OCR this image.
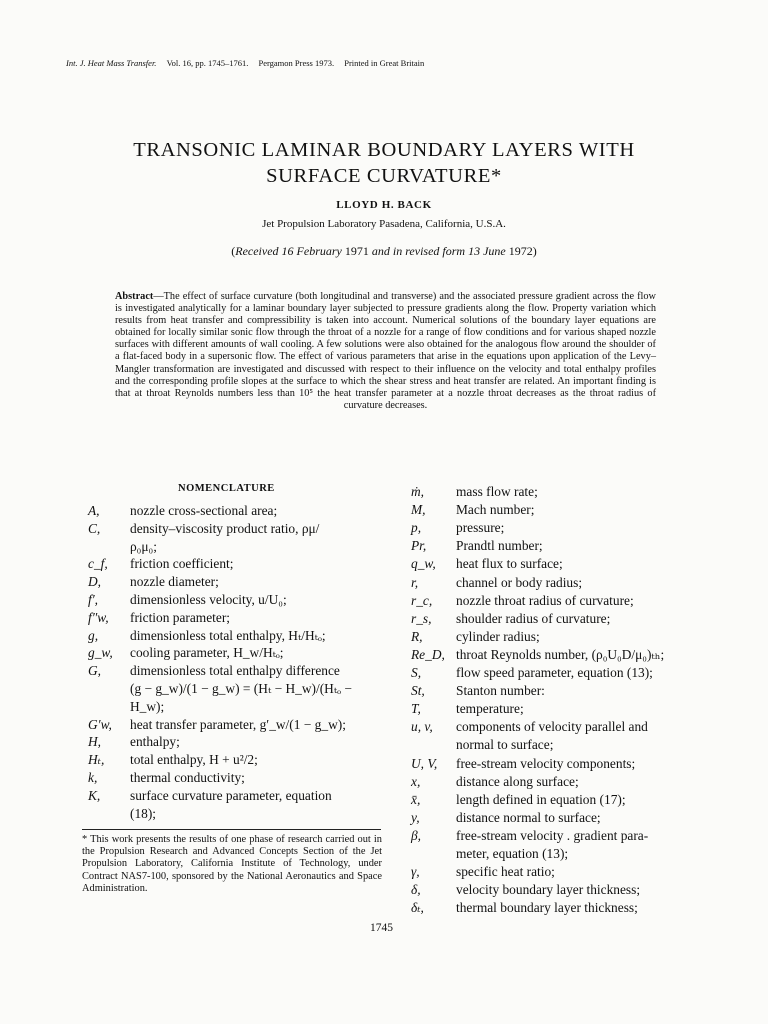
Int. J. Heat Mass Transfer. Vol. 16, pp. 1745–1761. Pergamon Press 1973. Printed in Great Britain
TRANSONIC LAMINAR BOUNDARY LAYERS WITH
SURFACE CURVATURE*
LLOYD H. BACK
Jet Propulsion Laboratory Pasadena, California, U.S.A.
(Received 16 February 1971 and in revised form 13 June 1972)
Abstract—The effect of surface curvature (both longitudinal and transverse) and the associated pressure gradient across the flow is investigated analytically for a laminar boundary layer subjected to pressure gradients along the flow. Property variation which results from heat transfer and compressibility is taken into account. Numerical solutions of the boundary layer equations are obtained for locally similar sonic flow through the throat of a nozzle for a range of flow conditions and for various shaped nozzle surfaces with different amounts of wall cooling. A few solutions were also obtained for the analogous flow around the shoulder of a flat-faced body in a supersonic flow. The effect of various parameters that arise in the equations upon application of the Levy–Mangler transformation are investigated and discussed with respect to their influence on the velocity and total enthalpy profiles and the corresponding profile slopes at the surface to which the shear stress and heat transfer are related. An important finding is that at throat Reynolds numbers less than 10⁵ the heat transfer parameter at a nozzle throat decreases as the throat radius of curvature decreases.
NOMENCLATURE
A, nozzle cross-sectional area;
C, density–viscosity product ratio, ρμ/
ρ₀μ₀;
c_f, friction coefficient;
D, nozzle diameter;
f′, dimensionless velocity, u/U₀;
f″w, friction parameter;
g, dimensionless total enthalpy, Hₜ/Hₜₒ;
g_w, cooling parameter, H_w/Hₜₒ;
G, dimensionless total enthalpy difference
(g − g_w)/(1 − g_w) = (Hₜ − H_w)/(Hₜₒ −
H_w);
G′w, heat transfer parameter, g′_w/(1 − g_w);
H, enthalpy;
Hₜ, total enthalpy, H + u²/2;
k, thermal conductivity;
K, surface curvature parameter, equation
(18);
ṁ, mass flow rate;
M, Mach number;
p,	pressure;
Pr, Prandtl number;
q_w, heat flux to surface;
r,	channel or body radius;
r_c, nozzle throat radius of curvature;
r_s, shoulder radius of curvature;
R, cylinder radius;
Re_D, throat Reynolds number, (ρ₀U₀D/μ₀)ₜₕ;
S,	flow speed parameter, equation (13);
St, Stanton number:
T,	temperature;
u, v, components of velocity parallel and
normal to surface;
U, V, free-stream velocity components;
x,	distance along surface;
x̄,	length defined in equation (17);
y,	distance normal to surface;
β,	free-stream velocity . gradient para-
meter, equation (13);
γ,	specific heat ratio;
δ,	velocity boundary layer thickness;
δₜ, thermal boundary layer thickness;
* This work presents the results of one phase of research carried out in the Propulsion Research and Advanced Concepts Section of the Jet Propulsion Laboratory, California Institute of Technology, under Contract NAS7-100, sponsored by the National Aeronautics and Space Administration.
1745
